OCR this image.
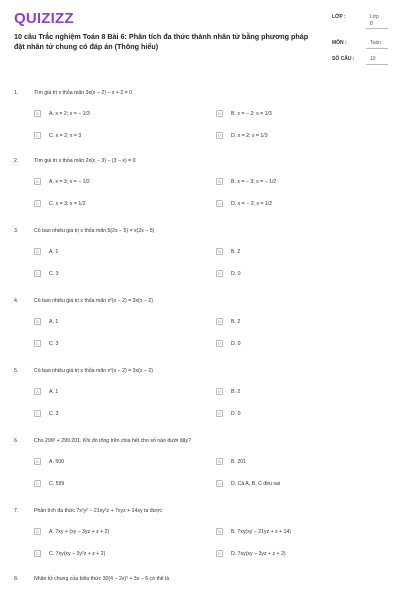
QUIZIZZ
10 câu Trắc nghiệm Toán 8 Bài 6: Phân tích đa thức thành nhân tử bằng phương pháp
đặt nhân tử chung có đáp án (Thông hiểu)
LỚP :	Lớp
8
MÔN :	Toán
SỐ CÂU :	10
1.	Tìm giá trị x thỏa mãn 3x(x − 2) − x + 2 = 0
A	A. x = 2; x = − 1/3	B	B. x = − 2; x = 1/3
C	C. x = 2; x = 3	D	D. x = 2; x = 1/3
2.	Tìm giá trị x thỏa mãn 2x(x − 3) − (3 − x) = 0
A	A. x = 3; x = − 1/2	B	B. x = − 3; x = − 1/2
C	C. x = 3; x = 1/2	D	D. x = − 3; x = 1/2
3.	Có bao nhiêu giá trị x thỏa mãn 5(2x − 5) = x(2x − 5)
A	A. 1	B	B. 2
C	C. 3	D	D. 0
4.	Có bao nhiêu giá trị x thỏa mãn x²(x − 2) = 3x(x − 2)
A	A. 1	B	B. 2
C	C. 3	D	D. 0
5.	Có bao nhiêu giá trị x thỏa mãn x²(x − 2) = 3x(x − 2)
A	A. 1	B	B. 2
C	C. 3	D	D. 0
6.	Cho 299² + 299.201. Khi đó tổng trên chia hết cho số nào dưới đây?
A	A. 500	B	B. 201
C	C. 599	D	D. Cả A, B, C đều sai
7.	Phân tích đa thức 7x²y² − 21xy²z + 7xyz + 14xy ta được
A	A. 7xy + (xy − 3yz + z + 2)	B	B. 7xy(xy − 21yz + z + 14)
C	C. 7xy(xy − 3y²z + z + 2)	D	D. 7xy(xy − 3yz + z + 2)
8.	Nhân tử chung của biểu thức 30(4 − 2x)² + 3x − 6 có thể là
